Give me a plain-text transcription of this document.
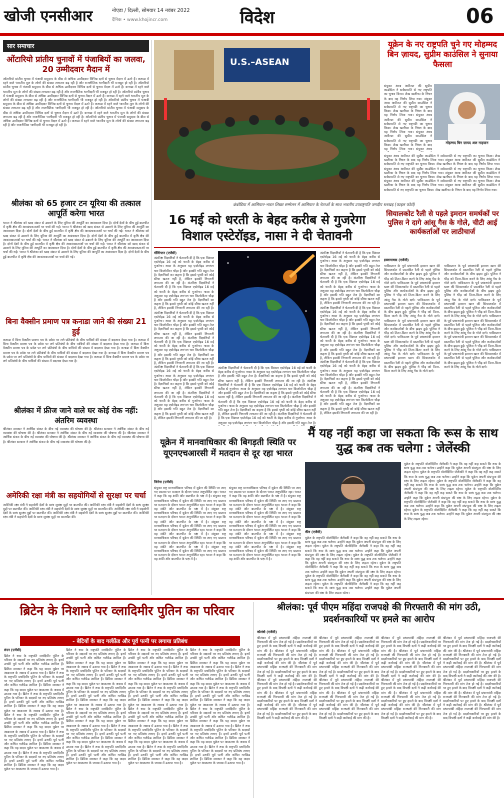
खोजी एनसीआर	नोएडा / दिल्ली, सोमवार 14 नवंबर 2022
दैनिक • www.khojincr.com	विदेश	06
सार समाचार
ओंटारियो प्रांतीय चुनावों में पंजाबियों का जलवा, 20 उम्मीदवार मैदान में
ओंटारियो प्रांतीय चुनाव में पंजाबी समुदाय के बीस से अधिक उम्मीदवार विभिन्न दलों से चुनाव मैदान में उतरे हैं। कनाडा में रहने वाले भारतीय मूल के लोगों की संख्या लगातार बढ़ रही है और राजनीतिक भागीदारी भी मजबूत हो रही है। ओंटारियो प्रांतीय चुनाव में पंजाबी समुदाय के बीस से अधिक उम्मीदवार विभिन्न दलों से चुनाव मैदान में उतरे हैं। कनाडा में रहने वाले भारतीय मूल के लोगों की संख्या लगातार बढ़ रही है और राजनीतिक भागीदारी भी मजबूत हो रही है। ओंटारियो प्रांतीय चुनाव में पंजाबी समुदाय के बीस से अधिक उम्मीदवार विभिन्न दलों से चुनाव मैदान में उतरे हैं। कनाडा में रहने वाले भारतीय मूल के लोगों की संख्या लगातार बढ़ रही है और राजनीतिक भागीदारी भी मजबूत हो रही है। ओंटारियो प्रांतीय चुनाव में पंजाबी समुदाय के बीस से अधिक उम्मीदवार विभिन्न दलों से चुनाव मैदान में उतरे हैं। कनाडा में रहने वाले भारतीय मूल के लोगों की संख्या लगातार बढ़ रही है और राजनीतिक भागीदारी भी मजबूत हो रही है। ओंटारियो प्रांतीय चुनाव में पंजाबी समुदाय के बीस से अधिक उम्मीदवार विभिन्न दलों से चुनाव मैदान में उतरे हैं। कनाडा में रहने वाले भारतीय मूल के लोगों की संख्या लगातार बढ़ रही है और राजनीतिक भागीदारी भी मजबूत हो रही है। ओंटारियो प्रांतीय चुनाव में पंजाबी समुदाय के बीस से अधिक उम्मीदवार विभिन्न दलों से चुनाव मैदान में उतरे हैं। कनाडा में रहने वाले भारतीय मूल के लोगों की संख्या लगातार बढ़ रही है और राजनीतिक भागीदारी भी मजबूत हो रही है।
श्रीलंका को 65 हजार टन यूरिया की तत्काल आपूर्ति करेगा भारत
भारत ने श्रीलंका को खाद संकट से उबारने के लिए यूरिया की आपूर्ति का आश्वासन दिया है। दोनों देशों के बीच हुई बातचीत में कृषि क्षेत्र की आवश्यकताओं पर चर्चा की गई। भारत ने श्रीलंका को खाद संकट से उबारने के लिए यूरिया की आपूर्ति का आश्वासन दिया है। दोनों देशों के बीच हुई बातचीत में कृषि क्षेत्र की आवश्यकताओं पर चर्चा की गई। भारत ने श्रीलंका को खाद संकट से उबारने के लिए यूरिया की आपूर्ति का आश्वासन दिया है। दोनों देशों के बीच हुई बातचीत में कृषि क्षेत्र की आवश्यकताओं पर चर्चा की गई। भारत ने श्रीलंका को खाद संकट से उबारने के लिए यूरिया की आपूर्ति का आश्वासन दिया है। दोनों देशों के बीच हुई बातचीत में कृषि क्षेत्र की आवश्यकताओं पर चर्चा की गई। भारत ने श्रीलंका को खाद संकट से उबारने के लिए यूरिया की आपूर्ति का आश्वासन दिया है। दोनों देशों के बीच हुई बातचीत में कृषि क्षेत्र की आवश्यकताओं पर चर्चा की गई। भारत ने श्रीलंका को खाद संकट से उबारने के लिए यूरिया की आपूर्ति का आश्वासन दिया है। दोनों देशों के बीच हुई बातचीत में कृषि क्षेत्र की आवश्यकताओं पर चर्चा की गई।
बिना वैक्सीन प्रमाण पत्र कनाडा जाने की संख्या 21 हुई
कनाडा में बिना वैक्सीन प्रमाण पत्र के प्रवेश पर लगे प्रतिबंधों के बीच यात्रियों की संख्या में बदलाव देखा गया है। कनाडा में बिना वैक्सीन प्रमाण पत्र के प्रवेश पर लगे प्रतिबंधों के बीच यात्रियों की संख्या में बदलाव देखा गया है। कनाडा में बिना वैक्सीन प्रमाण पत्र के प्रवेश पर लगे प्रतिबंधों के बीच यात्रियों की संख्या में बदलाव देखा गया है। कनाडा में बिना वैक्सीन प्रमाण पत्र के प्रवेश पर लगे प्रतिबंधों के बीच यात्रियों की संख्या में बदलाव देखा गया है। कनाडा में बिना वैक्सीन प्रमाण पत्र के प्रवेश पर लगे प्रतिबंधों के बीच यात्रियों की संख्या में बदलाव देखा गया है। कनाडा में बिना वैक्सीन प्रमाण पत्र के प्रवेश पर लगे प्रतिबंधों के बीच यात्रियों की संख्या में बदलाव देखा गया है।
श्रीलंका में फ्रीज जाने वाले घर कोई रोक नहीं: अंतरिम व्यवस्था
श्रीलंका सरकार ने आर्थिक संकट के बीच नई व्यवस्था की घोषणा की है। श्रीलंका सरकार ने आर्थिक संकट के बीच नई व्यवस्था की घोषणा की है। श्रीलंका सरकार ने आर्थिक संकट के बीच नई व्यवस्था की घोषणा की है। श्रीलंका सरकार ने आर्थिक संकट के बीच नई व्यवस्था की घोषणा की है। श्रीलंका सरकार ने आर्थिक संकट के बीच नई व्यवस्था की घोषणा की है। श्रीलंका सरकार ने आर्थिक संकट के बीच नई व्यवस्था की घोषणा की है।
अमेरिकी रक्षा मंत्री का सहयोगियों से सुरक्षा पर चर्चा
अमेरिकी रक्षा मंत्री ने सहयोगी देशों के साथ सुरक्षा मुद्दों पर बातचीत की। अमेरिकी रक्षा मंत्री ने सहयोगी देशों के साथ सुरक्षा मुद्दों पर बातचीत की। अमेरिकी रक्षा मंत्री ने सहयोगी देशों के साथ सुरक्षा मुद्दों पर बातचीत की। अमेरिकी रक्षा मंत्री ने सहयोगी देशों के साथ सुरक्षा मुद्दों पर बातचीत की। अमेरिकी रक्षा मंत्री ने सहयोगी देशों के साथ सुरक्षा मुद्दों पर बातचीत की। अमेरिकी रक्षा मंत्री ने सहयोगी देशों के साथ सुरक्षा मुद्दों पर बातचीत की।
U.S.–ASEAN
कंबोडिया में आसियान-भारत शिखर सम्मेलन में आसियान के नेताओं के साथ भारतीय उपराष्ट्रपति जगदीप धनखड़ (फाइल फोटो)
16 मई को धरती के बेहद करीब से गुजरेगा विशाल एस्टेरॉइड, नासा ने दी चेतावनी
वॉशिंगटन (एजेंसी)
अंतरिक्ष विज्ञानियों ने चेतावनी दी है कि एक विशाल एस्टेरॉइड 16 मई को धरती के बेहद करीब से गुजरेगा। नासा के अनुसार यह एस्टेरॉइड लगभग चार किलोमीटर चौड़ा है और इसकी गति बहुत तेज है। वैज्ञानिकों का कहना है कि इससे पृथ्वी को कोई सीधा खतरा नहीं है, लेकिन इसकी निगरानी लगातार की जा रही है। अंतरिक्ष विज्ञानियों ने चेतावनी दी है कि एक विशाल एस्टेरॉइड 16 मई को धरती के बेहद करीब से गुजरेगा। नासा के अनुसार यह एस्टेरॉइड लगभग चार किलोमीटर चौड़ा है और इसकी गति बहुत तेज है। वैज्ञानिकों का कहना है कि इससे पृथ्वी को कोई सीधा खतरा नहीं है, लेकिन इसकी निगरानी लगातार की जा रही है। अंतरिक्ष विज्ञानियों ने चेतावनी दी है कि एक विशाल एस्टेरॉइड 16 मई को धरती के बेहद करीब से गुजरेगा। नासा के अनुसार यह एस्टेरॉइड लगभग चार किलोमीटर चौड़ा है और इसकी गति बहुत तेज है। वैज्ञानिकों का कहना है कि इससे पृथ्वी को कोई सीधा खतरा नहीं है, लेकिन इसकी निगरानी लगातार की जा रही है। अंतरिक्ष विज्ञानियों ने चेतावनी दी है कि एक विशाल एस्टेरॉइड 16 मई को धरती के बेहद करीब से गुजरेगा। नासा के अनुसार यह एस्टेरॉइड लगभग चार किलोमीटर चौड़ा है और इसकी गति बहुत तेज है। वैज्ञानिकों का कहना है कि इससे पृथ्वी को कोई सीधा खतरा नहीं है, लेकिन इसकी निगरानी लगातार की जा रही है। अंतरिक्ष विज्ञानियों ने चेतावनी दी है कि एक विशाल एस्टेरॉइड 16 मई को धरती के बेहद करीब से गुजरेगा। नासा के अनुसार यह एस्टेरॉइड लगभग चार किलोमीटर चौड़ा है और इसकी गति बहुत तेज है। वैज्ञानिकों का कहना है कि इससे पृथ्वी को कोई सीधा खतरा नहीं है, लेकिन इसकी निगरानी लगातार की जा रही है। अंतरिक्ष विज्ञानियों ने चेतावनी दी है कि एक विशाल एस्टेरॉइड 16 मई को धरती के बेहद करीब से गुजरेगा। नासा के अनुसार यह एस्टेरॉइड लगभग चार किलोमीटर चौड़ा है और इसकी गति बहुत तेज है। वैज्ञानिकों का कहना है कि इससे पृथ्वी को कोई सीधा खतरा नहीं है, लेकिन इसकी निगरानी लगातार की जा रही है।
अंतरिक्ष विज्ञानियों ने चेतावनी दी है कि एक विशाल एस्टेरॉइड 16 मई को धरती के बेहद करीब से गुजरेगा। नासा के अनुसार यह एस्टेरॉइड लगभग चार किलोमीटर चौड़ा है और इसकी गति बहुत तेज है। वैज्ञानिकों का कहना है कि इससे पृथ्वी को कोई सीधा खतरा नहीं है, लेकिन इसकी निगरानी लगातार की जा रही है। अंतरिक्ष विज्ञानियों ने चेतावनी दी है कि एक विशाल एस्टेरॉइड 16 मई को धरती के बेहद करीब से गुजरेगा। नासा के अनुसार यह एस्टेरॉइड लगभग चार किलोमीटर चौड़ा है और इसकी गति बहुत तेज है। वैज्ञानिकों का कहना है कि इससे पृथ्वी को कोई सीधा खतरा नहीं है, लेकिन इसकी निगरानी लगातार की जा रही है। अंतरिक्ष विज्ञानियों ने चेतावनी दी है कि एक विशाल एस्टेरॉइड 16 मई को धरती के बेहद करीब से गुजरेगा। नासा के अनुसार यह एस्टेरॉइड लगभग चार किलोमीटर चौड़ा है और इसकी गति बहुत तेज है। वैज्ञानिकों का कहना है कि इससे पृथ्वी को कोई सीधा खतरा नहीं है, लेकिन इसकी निगरानी लगातार की जा रही है। अंतरिक्ष विज्ञानियों ने चेतावनी दी है कि एक विशाल एस्टेरॉइड 16 मई को धरती के बेहद करीब से गुजरेगा। नासा के अनुसार यह एस्टेरॉइड लगभग चार किलोमीटर चौड़ा है और इसकी गति बहुत तेज है। वैज्ञानिकों का कहना है कि इससे पृथ्वी को कोई सीधा खतरा नहीं है, लेकिन इसकी निगरानी लगातार की जा रही है। अंतरिक्ष विज्ञानियों ने चेतावनी दी है कि एक विशाल एस्टेरॉइड 16 मई को धरती के बेहद करीब से गुजरेगा। नासा के अनुसार यह एस्टेरॉइड लगभग चार किलोमीटर चौड़ा है और इसकी गति बहुत तेज है। वैज्ञानिकों का कहना है कि इससे पृथ्वी को कोई सीधा खतरा नहीं है, लेकिन इसकी निगरानी लगातार की जा रही है। अंतरिक्ष विज्ञानियों ने चेतावनी दी है कि एक विशाल एस्टेरॉइड 16 मई को धरती के बेहद करीब से गुजरेगा। नासा के अनुसार यह एस्टेरॉइड लगभग चार किलोमीटर चौड़ा है और इसकी गति बहुत तेज है। वैज्ञानिकों का कहना है कि इससे पृथ्वी को कोई सीधा खतरा नहीं है, लेकिन इसकी निगरानी लगातार की जा रही है।
अंतरिक्ष विज्ञानियों ने चेतावनी दी है कि एक विशाल एस्टेरॉइड 16 मई को धरती के बेहद करीब से गुजरेगा। नासा के अनुसार यह एस्टेरॉइड लगभग चार किलोमीटर चौड़ा है और इसकी गति बहुत तेज है। वैज्ञानिकों का कहना है कि इससे पृथ्वी को कोई सीधा खतरा नहीं है, लेकिन इसकी निगरानी लगातार की जा रही है। अंतरिक्ष विज्ञानियों ने चेतावनी दी है कि एक विशाल एस्टेरॉइड 16 मई को धरती के बेहद करीब से गुजरेगा। नासा के अनुसार यह एस्टेरॉइड लगभग चार किलोमीटर चौड़ा है और इसकी गति बहुत तेज है। वैज्ञानिकों का कहना है कि इससे पृथ्वी को कोई सीधा खतरा नहीं है, लेकिन इसकी निगरानी लगातार की जा रही है। अंतरिक्ष विज्ञानियों ने चेतावनी दी है कि एक विशाल एस्टेरॉइड 16 मई को धरती के बेहद करीब से गुजरेगा। नासा के अनुसार यह एस्टेरॉइड लगभग चार किलोमीटर चौड़ा है और इसकी गति बहुत तेज है। वैज्ञानिकों का कहना है कि इससे पृथ्वी को कोई सीधा खतरा नहीं है, लेकिन इसकी निगरानी लगातार की जा रही है। अंतरिक्ष विज्ञानियों ने चेतावनी दी है कि एक विशाल एस्टेरॉइड 16 मई को धरती के बेहद करीब से गुजरेगा। नासा के अनुसार यह एस्टेरॉइड लगभग चार किलोमीटर चौड़ा है और इसकी गति बहुत तेज है।
यूक्रेन में मानवाधिकार की बिगड़ती स्थिति पर यूएनएचआरसी में मतदान से दूर रहा भारत
जिनेवा (एजेंसी)
संयुक्त राष्ट्र मानवाधिकार परिषद में यूक्रेन की स्थिति पर लाए गए प्रस्ताव पर मतदान के दौरान भारत अनुपस्थित रहा। भारत ने कहा कि वह शांति और बातचीत के पक्ष में है। संयुक्त राष्ट्र मानवाधिकार परिषद में यूक्रेन की स्थिति पर लाए गए प्रस्ताव पर मतदान के दौरान भारत अनुपस्थित रहा। भारत ने कहा कि वह शांति और बातचीत के पक्ष में है। संयुक्त राष्ट्र मानवाधिकार परिषद में यूक्रेन की स्थिति पर लाए गए प्रस्ताव पर मतदान के दौरान भारत अनुपस्थित रहा। भारत ने कहा कि वह शांति और बातचीत के पक्ष में है। संयुक्त राष्ट्र मानवाधिकार परिषद में यूक्रेन की स्थिति पर लाए गए प्रस्ताव पर मतदान के दौरान भारत अनुपस्थित रहा। भारत ने कहा कि वह शांति और बातचीत के पक्ष में है। संयुक्त राष्ट्र मानवाधिकार परिषद में यूक्रेन की स्थिति पर लाए गए प्रस्ताव पर मतदान के दौरान भारत अनुपस्थित रहा। भारत ने कहा कि वह शांति और बातचीत के पक्ष में है। संयुक्त राष्ट्र मानवाधिकार परिषद में यूक्रेन की स्थिति पर लाए गए प्रस्ताव पर मतदान के दौरान भारत अनुपस्थित रहा। भारत ने कहा कि वह शांति और बातचीत के पक्ष में है।
संयुक्त राष्ट्र मानवाधिकार परिषद में यूक्रेन की स्थिति पर लाए गए प्रस्ताव पर मतदान के दौरान भारत अनुपस्थित रहा। भारत ने कहा कि वह शांति और बातचीत के पक्ष में है। संयुक्त राष्ट्र मानवाधिकार परिषद में यूक्रेन की स्थिति पर लाए गए प्रस्ताव पर मतदान के दौरान भारत अनुपस्थित रहा। भारत ने कहा कि वह शांति और बातचीत के पक्ष में है। संयुक्त राष्ट्र मानवाधिकार परिषद में यूक्रेन की स्थिति पर लाए गए प्रस्ताव पर मतदान के दौरान भारत अनुपस्थित रहा। भारत ने कहा कि वह शांति और बातचीत के पक्ष में है। संयुक्त राष्ट्र मानवाधिकार परिषद में यूक्रेन की स्थिति पर लाए गए प्रस्ताव पर मतदान के दौरान भारत अनुपस्थित रहा। भारत ने कहा कि वह शांति और बातचीत के पक्ष में है। संयुक्त राष्ट्र मानवाधिकार परिषद में यूक्रेन की स्थिति पर लाए गए प्रस्ताव पर मतदान के दौरान भारत अनुपस्थित रहा। भारत ने कहा कि वह शांति और बातचीत के पक्ष में है। संयुक्त राष्ट्र मानवाधिकार परिषद में यूक्रेन की स्थिति पर लाए गए प्रस्ताव पर मतदान के दौरान भारत अनुपस्थित रहा। भारत ने कहा कि वह शांति और बातचीत के पक्ष में है।
यूक्रेन के नए राष्ट्रपति चुने गए मोहम्मद बिन ज़ायद, सुप्रीम काउंसिल ने सुनाया फैसला
मोहम्मद बिन ज़ायद अल नाहयान
संयुक्त अरब अमीरात की सुप्रीम काउंसिल ने सर्वसम्मति से नए राष्ट्रपति का चुनाव किया। शेख खलीफा के निधन के बाद यह निर्णय लिया गया। संयुक्त अरब अमीरात की सुप्रीम काउंसिल ने सर्वसम्मति से नए राष्ट्रपति का चुनाव किया। शेख खलीफा के निधन के बाद यह निर्णय लिया गया। संयुक्त अरब अमीरात की सुप्रीम काउंसिल ने सर्वसम्मति से नए राष्ट्रपति का चुनाव किया। शेख खलीफा के निधन के बाद यह निर्णय लिया गया। संयुक्त अरब अमीरात की सुप्रीम काउंसिल ने सर्वसम्मति से नए राष्ट्रपति का चुनाव किया। शेख खलीफा के निधन के बाद यह निर्णय लिया गया। संयुक्त अरब
संयुक्त अरब अमीरात की सुप्रीम काउंसिल ने सर्वसम्मति से नए राष्ट्रपति का चुनाव किया। शेख खलीफा के निधन के बाद यह निर्णय लिया गया। संयुक्त अरब अमीरात की सुप्रीम काउंसिल ने सर्वसम्मति से नए राष्ट्रपति का चुनाव किया। शेख खलीफा के निधन के बाद यह निर्णय लिया गया। संयुक्त अरब अमीरात की सुप्रीम काउंसिल ने सर्वसम्मति से नए राष्ट्रपति का चुनाव किया। शेख खलीफा के निधन के बाद यह निर्णय लिया गया। संयुक्त अरब अमीरात की सुप्रीम काउंसिल ने सर्वसम्मति से नए राष्ट्रपति का चुनाव किया। शेख खलीफा के निधन के बाद यह निर्णय लिया गया। संयुक्त अरब अमीरात की सुप्रीम काउंसिल ने सर्वसम्मति से नए राष्ट्रपति का चुनाव किया। शेख खलीफा के निधन के बाद यह निर्णय लिया गया। संयुक्त अरब अमीरात की सुप्रीम काउंसिल ने सर्वसम्मति से नए राष्ट्रपति का चुनाव किया। शेख खलीफा के निधन के बाद यह निर्णय लिया गया।
सियालकोट रैली से पहले इमरान समर्थकों पर पुलिस ने दागे आंसू गैस के गोले, चीटी आई कार्यकर्ताओं पर लाठीचार्ज
इस्लामाबाद (एजेंसी)
पाकिस्तान के पूर्व प्रधानमंत्री इमरान खान की सियालकोट में प्रस्तावित रैली से पहले पुलिस और कार्यकर्ताओं के बीच झड़प हुई। पुलिस ने भीड़ को तितर-बितर करने के लिए आंसू गैस के गोले दागे। पाकिस्तान के पूर्व प्रधानमंत्री इमरान खान की सियालकोट में प्रस्तावित रैली से पहले पुलिस और कार्यकर्ताओं के बीच झड़प हुई। पुलिस ने भीड़ को तितर-बितर करने के लिए आंसू गैस के गोले दागे। पाकिस्तान के पूर्व प्रधानमंत्री इमरान खान की सियालकोट में प्रस्तावित रैली से पहले पुलिस और कार्यकर्ताओं के बीच झड़प हुई। पुलिस ने भीड़ को तितर-बितर करने के लिए आंसू गैस के गोले दागे। पाकिस्तान के पूर्व प्रधानमंत्री इमरान खान की सियालकोट में प्रस्तावित रैली से पहले पुलिस और कार्यकर्ताओं के बीच झड़प हुई। पुलिस ने भीड़ को तितर-बितर करने के लिए आंसू गैस के गोले दागे। पाकिस्तान के पूर्व प्रधानमंत्री इमरान खान की सियालकोट में प्रस्तावित रैली से पहले पुलिस और कार्यकर्ताओं के बीच झड़प हुई। पुलिस ने भीड़ को तितर-बितर करने के लिए आंसू गैस के गोले दागे। पाकिस्तान के पूर्व प्रधानमंत्री इमरान खान की सियालकोट में प्रस्तावित रैली से पहले पुलिस और कार्यकर्ताओं के बीच झड़प हुई। पुलिस ने भीड़ को तितर-बितर करने के लिए आंसू गैस के गोले दागे।
पाकिस्तान के पूर्व प्रधानमंत्री इमरान खान की सियालकोट में प्रस्तावित रैली से पहले पुलिस और कार्यकर्ताओं के बीच झड़प हुई। पुलिस ने भीड़ को तितर-बितर करने के लिए आंसू गैस के गोले दागे। पाकिस्तान के पूर्व प्रधानमंत्री इमरान खान की सियालकोट में प्रस्तावित रैली से पहले पुलिस और कार्यकर्ताओं के बीच झड़प हुई। पुलिस ने भीड़ को तितर-बितर करने के लिए आंसू गैस के गोले दागे। पाकिस्तान के पूर्व प्रधानमंत्री इमरान खान की सियालकोट में प्रस्तावित रैली से पहले पुलिस और कार्यकर्ताओं के बीच झड़प हुई। पुलिस ने भीड़ को तितर-बितर करने के लिए आंसू गैस के गोले दागे। पाकिस्तान के पूर्व प्रधानमंत्री इमरान खान की सियालकोट में प्रस्तावित रैली से पहले पुलिस और कार्यकर्ताओं के बीच झड़प हुई। पुलिस ने भीड़ को तितर-बितर करने के लिए आंसू गैस के गोले दागे। पाकिस्तान के पूर्व प्रधानमंत्री इमरान खान की सियालकोट में प्रस्तावित रैली से पहले पुलिस और कार्यकर्ताओं के बीच झड़प हुई। पुलिस ने भीड़ को तितर-बितर करने के लिए आंसू गैस के गोले दागे। पाकिस्तान के पूर्व प्रधानमंत्री इमरान खान की सियालकोट में प्रस्तावित रैली से पहले पुलिस और कार्यकर्ताओं के बीच झड़प हुई। पुलिस ने भीड़ को तितर-बितर करने के लिए आंसू गैस के गोले दागे।
मैं यह नहीं कहा जा सकता कि रूस के साथ युद्ध कब तक चलेगा : जेलेंस्की
कीव (एजेंसी)
यूक्रेन के राष्ट्रपति वोलोदिमिर जेलेंस्की ने कहा कि वह नहीं कह सकते कि रूस के साथ युद्ध कब तक चलेगा। उन्होंने कहा कि यूक्रेन अपनी संप्रभुता की रक्षा के लिए लड़ता रहेगा। यूक्रेन के राष्ट्रपति वोलोदिमिर जेलेंस्की ने कहा कि वह नहीं कह सकते कि रूस के साथ युद्ध कब तक चलेगा। उन्होंने कहा कि यूक्रेन अपनी संप्रभुता की रक्षा के लिए लड़ता रहेगा। यूक्रेन के राष्ट्रपति वोलोदिमिर जेलेंस्की ने कहा कि वह नहीं कह सकते कि रूस के साथ युद्ध कब तक चलेगा। उन्होंने कहा कि यूक्रेन अपनी संप्रभुता की रक्षा के लिए लड़ता रहेगा। यूक्रेन के राष्ट्रपति वोलोदिमिर जेलेंस्की ने कहा कि वह नहीं कह सकते कि रूस के साथ युद्ध कब तक चलेगा। उन्होंने कहा कि यूक्रेन अपनी संप्रभुता की रक्षा के लिए लड़ता रहेगा। यूक्रेन के राष्ट्रपति वोलोदिमिर जेलेंस्की ने कहा कि वह नहीं कह सकते कि रूस के साथ युद्ध कब तक चलेगा। उन्होंने कहा कि यूक्रेन अपनी संप्रभुता की रक्षा के लिए लड़ता रहेगा। यूक्रेन के राष्ट्रपति वोलोदिमिर जेलेंस्की ने कहा कि वह नहीं कह सकते कि रूस के साथ युद्ध कब तक चलेगा। उन्होंने कहा कि यूक्रेन अपनी संप्रभुता की रक्षा के लिए लड़ता रहेगा।
यूक्रेन के राष्ट्रपति वोलोदिमिर जेलेंस्की ने कहा कि वह नहीं कह सकते कि रूस के साथ युद्ध कब तक चलेगा। उन्होंने कहा कि यूक्रेन अपनी संप्रभुता की रक्षा के लिए लड़ता रहेगा। यूक्रेन के राष्ट्रपति वोलोदिमिर जेलेंस्की ने कहा कि वह नहीं कह सकते कि रूस के साथ युद्ध कब तक चलेगा। उन्होंने कहा कि यूक्रेन अपनी संप्रभुता की रक्षा के लिए लड़ता रहेगा। यूक्रेन के राष्ट्रपति वोलोदिमिर जेलेंस्की ने कहा कि वह नहीं कह सकते कि रूस के साथ युद्ध कब तक चलेगा। उन्होंने कहा कि यूक्रेन अपनी संप्रभुता की रक्षा के लिए लड़ता रहेगा। यूक्रेन के राष्ट्रपति वोलोदिमिर जेलेंस्की ने कहा कि वह नहीं कह सकते कि रूस के साथ युद्ध कब तक चलेगा। उन्होंने कहा कि यूक्रेन अपनी संप्रभुता की रक्षा के लिए लड़ता रहेगा। यूक्रेन के राष्ट्रपति वोलोदिमिर जेलेंस्की ने कहा कि वह नहीं कह सकते कि रूस के साथ युद्ध कब तक चलेगा। उन्होंने कहा कि यूक्रेन अपनी संप्रभुता की रक्षा के लिए लड़ता रहेगा। यूक्रेन के राष्ट्रपति वोलोदिमिर जेलेंस्की ने कहा कि वह नहीं कह सकते कि रूस के साथ युद्ध कब तक चलेगा। उन्होंने कहा कि यूक्रेन अपनी संप्रभुता की रक्षा के लिए लड़ता रहेगा।
ब्रिटेन के निशाने पर व्लादिमीर पुतिन का परिवार
- बेटियों के बाद गर्लफ्रेंड और पूर्व पत्नी पर लगाया प्रतिबंध
लंदन (एजेंसी)
ब्रिटेन ने रूस के राष्ट्रपति व्लादिमीर पुतिन के परिवार के सदस्यों पर नए प्रतिबंध लगाए हैं। इनमें उनकी पूर्व पत्नी और कथित गर्लफ्रेंड शामिल हैं। ब्रिटिश सरकार ने कहा कि यह कदम यूक्रेन पर आक्रमण के जवाब में उठाया गया है। ब्रिटेन ने रूस के राष्ट्रपति व्लादिमीर पुतिन के परिवार के सदस्यों पर नए प्रतिबंध लगाए हैं। इनमें उनकी पूर्व पत्नी और कथित गर्लफ्रेंड शामिल हैं। ब्रिटिश सरकार ने कहा कि यह कदम यूक्रेन पर आक्रमण के जवाब में उठाया गया है। ब्रिटेन ने रूस के राष्ट्रपति व्लादिमीर पुतिन के परिवार के सदस्यों पर नए प्रतिबंध लगाए हैं। इनमें उनकी पूर्व पत्नी और कथित गर्लफ्रेंड शामिल हैं। ब्रिटिश सरकार ने कहा कि यह कदम यूक्रेन पर आक्रमण के जवाब में उठाया गया है। ब्रिटेन ने रूस के राष्ट्रपति व्लादिमीर पुतिन के परिवार के सदस्यों पर नए प्रतिबंध लगाए हैं। इनमें उनकी पूर्व पत्नी और कथित गर्लफ्रेंड शामिल हैं। ब्रिटिश सरकार ने कहा कि यह कदम यूक्रेन पर आक्रमण के जवाब में उठाया गया है। ब्रिटेन ने रूस के राष्ट्रपति व्लादिमीर पुतिन के परिवार के सदस्यों पर नए प्रतिबंध लगाए हैं। इनमें उनकी पूर्व पत्नी और कथित गर्लफ्रेंड शामिल हैं। ब्रिटिश सरकार ने कहा कि यह कदम यूक्रेन पर आक्रमण के जवाब में उठाया गया है। ब्रिटेन ने रूस के राष्ट्रपति व्लादिमीर पुतिन के परिवार के सदस्यों पर नए प्रतिबंध लगाए हैं। इनमें उनकी पूर्व पत्नी और कथित गर्लफ्रेंड शामिल हैं। ब्रिटिश सरकार ने कहा कि यह कदम यूक्रेन पर आक्रमण के जवाब में उठाया गया है।
ब्रिटेन ने रूस के राष्ट्रपति व्लादिमीर पुतिन के परिवार के सदस्यों पर नए प्रतिबंध लगाए हैं। इनमें उनकी पूर्व पत्नी और कथित गर्लफ्रेंड शामिल हैं। ब्रिटिश सरकार ने कहा कि यह कदम यूक्रेन पर आक्रमण के जवाब में उठाया गया है। ब्रिटेन ने रूस के राष्ट्रपति व्लादिमीर पुतिन के परिवार के सदस्यों पर नए प्रतिबंध लगाए हैं। इनमें उनकी पूर्व पत्नी और कथित गर्लफ्रेंड शामिल हैं। ब्रिटिश सरकार ने कहा कि यह कदम यूक्रेन पर आक्रमण के जवाब में उठाया गया है। ब्रिटेन ने रूस के राष्ट्रपति व्लादिमीर पुतिन के परिवार के सदस्यों पर नए प्रतिबंध लगाए हैं। इनमें उनकी पूर्व पत्नी और कथित गर्लफ्रेंड शामिल हैं। ब्रिटिश सरकार ने कहा कि यह कदम यूक्रेन पर आक्रमण के जवाब में उठाया गया है। ब्रिटेन ने रूस के राष्ट्रपति व्लादिमीर पुतिन के परिवार के सदस्यों पर नए प्रतिबंध लगाए हैं। इनमें उनकी पूर्व पत्नी और कथित गर्लफ्रेंड शामिल हैं। ब्रिटिश सरकार ने कहा कि यह कदम यूक्रेन पर आक्रमण के जवाब में उठाया गया है। ब्रिटेन ने रूस के राष्ट्रपति व्लादिमीर पुतिन के परिवार के सदस्यों पर नए प्रतिबंध लगाए हैं। इनमें उनकी पूर्व पत्नी और कथित गर्लफ्रेंड शामिल हैं। ब्रिटिश सरकार ने कहा कि यह कदम यूक्रेन पर आक्रमण के जवाब में उठाया गया है। ब्रिटेन ने रूस के राष्ट्रपति व्लादिमीर पुतिन के परिवार के सदस्यों पर नए प्रतिबंध लगाए हैं। इनमें उनकी पूर्व पत्नी और कथित गर्लफ्रेंड शामिल हैं। ब्रिटिश सरकार ने कहा कि यह कदम यूक्रेन पर आक्रमण के जवाब में उठाया गया है।
ब्रिटेन ने रूस के राष्ट्रपति व्लादिमीर पुतिन के परिवार के सदस्यों पर नए प्रतिबंध लगाए हैं। इनमें उनकी पूर्व पत्नी और कथित गर्लफ्रेंड शामिल हैं। ब्रिटिश सरकार ने कहा कि यह कदम यूक्रेन पर आक्रमण के जवाब में उठाया गया है। ब्रिटेन ने रूस के राष्ट्रपति व्लादिमीर पुतिन के परिवार के सदस्यों पर नए प्रतिबंध लगाए हैं। इनमें उनकी पूर्व पत्नी और कथित गर्लफ्रेंड शामिल हैं। ब्रिटिश सरकार ने कहा कि यह कदम यूक्रेन पर आक्रमण के जवाब में उठाया गया है। ब्रिटेन ने रूस के राष्ट्रपति व्लादिमीर पुतिन के परिवार के सदस्यों पर नए प्रतिबंध लगाए हैं। इनमें उनकी पूर्व पत्नी और कथित गर्लफ्रेंड शामिल हैं। ब्रिटिश सरकार ने कहा कि यह कदम यूक्रेन पर आक्रमण के जवाब में उठाया गया है। ब्रिटेन ने रूस के राष्ट्रपति व्लादिमीर पुतिन के परिवार के सदस्यों पर नए प्रतिबंध लगाए हैं। इनमें उनकी पूर्व पत्नी और कथित गर्लफ्रेंड शामिल हैं। ब्रिटिश सरकार ने कहा कि यह कदम यूक्रेन पर आक्रमण के जवाब में उठाया गया है। ब्रिटेन ने रूस के राष्ट्रपति व्लादिमीर पुतिन के परिवार के सदस्यों पर नए प्रतिबंध लगाए हैं। इनमें उनकी पूर्व पत्नी और कथित गर्लफ्रेंड शामिल हैं। ब्रिटिश सरकार ने कहा कि यह कदम यूक्रेन पर आक्रमण के जवाब में उठाया गया है। ब्रिटेन ने रूस के राष्ट्रपति व्लादिमीर पुतिन के परिवार के सदस्यों पर नए प्रतिबंध लगाए हैं। इनमें उनकी पूर्व पत्नी और कथित गर्लफ्रेंड शामिल हैं। ब्रिटिश सरकार ने कहा कि यह कदम यूक्रेन पर आक्रमण के जवाब में उठाया गया है।
ब्रिटेन ने रूस के राष्ट्रपति व्लादिमीर पुतिन के परिवार के सदस्यों पर नए प्रतिबंध लगाए हैं। इनमें उनकी पूर्व पत्नी और कथित गर्लफ्रेंड शामिल हैं। ब्रिटिश सरकार ने कहा कि यह कदम यूक्रेन पर आक्रमण के जवाब में उठाया गया है। ब्रिटेन ने रूस के राष्ट्रपति व्लादिमीर पुतिन के परिवार के सदस्यों पर नए प्रतिबंध लगाए हैं। इनमें उनकी पूर्व पत्नी और कथित गर्लफ्रेंड शामिल हैं। ब्रिटिश सरकार ने कहा कि यह कदम यूक्रेन पर आक्रमण के जवाब में उठाया गया है। ब्रिटेन ने रूस के राष्ट्रपति व्लादिमीर पुतिन के परिवार के सदस्यों पर नए प्रतिबंध लगाए हैं। इनमें उनकी पूर्व पत्नी और कथित गर्लफ्रेंड शामिल हैं। ब्रिटिश सरकार ने कहा कि यह कदम यूक्रेन पर आक्रमण के जवाब में उठाया गया है। ब्रिटेन ने रूस के राष्ट्रपति व्लादिमीर पुतिन के परिवार के सदस्यों पर नए प्रतिबंध लगाए हैं। इनमें उनकी पूर्व पत्नी और कथित गर्लफ्रेंड शामिल हैं। ब्रिटिश सरकार ने कहा कि यह कदम यूक्रेन पर आक्रमण के जवाब में उठाया गया है। ब्रिटेन ने रूस के राष्ट्रपति व्लादिमीर पुतिन के परिवार के सदस्यों पर नए प्रतिबंध लगाए हैं। इनमें उनकी पूर्व पत्नी और कथित गर्लफ्रेंड शामिल हैं। ब्रिटिश सरकार ने कहा कि यह कदम यूक्रेन पर आक्रमण के जवाब में उठाया गया है। ब्रिटेन ने रूस के राष्ट्रपति व्लादिमीर पुतिन के परिवार के सदस्यों पर नए प्रतिबंध लगाए हैं। इनमें उनकी पूर्व पत्नी और कथित गर्लफ्रेंड शामिल हैं। ब्रिटिश सरकार ने कहा कि यह कदम यूक्रेन पर आक्रमण के जवाब में उठाया गया है।
श्रीलंका: पूर्व पीएम महिंदा राजपक्षे की गिरफ्तारी की मांग उठी, प्रदर्शनकारियों पर हमले का आरोप
कोलंबो (एजेंसी)
श्रीलंका में पूर्व प्रधानमंत्री महिंदा राजपक्षे की गिरफ्तारी की मांग तेज हो गई है। प्रदर्शनकारियों पर हुए हमले के बाद विपक्षी दलों ने कड़ी कार्रवाई की मांग की है। श्रीलंका में पूर्व प्रधानमंत्री महिंदा राजपक्षे की गिरफ्तारी की मांग तेज हो गई है। प्रदर्शनकारियों पर हुए हमले के बाद विपक्षी दलों ने कड़ी कार्रवाई की मांग की है। श्रीलंका में पूर्व प्रधानमंत्री महिंदा राजपक्षे की गिरफ्तारी की मांग तेज हो गई है। प्रदर्शनकारियों पर हुए हमले के बाद विपक्षी दलों ने कड़ी कार्रवाई की मांग की है। श्रीलंका में पूर्व प्रधानमंत्री महिंदा राजपक्षे की गिरफ्तारी की मांग तेज हो गई है। प्रदर्शनकारियों पर हुए हमले के बाद विपक्षी दलों ने कड़ी कार्रवाई की मांग की है। श्रीलंका में पूर्व प्रधानमंत्री महिंदा राजपक्षे की गिरफ्तारी की मांग तेज हो गई है। प्रदर्शनकारियों पर हुए हमले के बाद विपक्षी दलों ने कड़ी कार्रवाई की मांग की है। श्रीलंका में पूर्व प्रधानमंत्री महिंदा राजपक्षे की गिरफ्तारी की मांग तेज हो गई है। प्रदर्शनकारियों पर हुए हमले के बाद विपक्षी दलों ने कड़ी कार्रवाई की मांग की है।
श्रीलंका में पूर्व प्रधानमंत्री महिंदा राजपक्षे की गिरफ्तारी की मांग तेज हो गई है। प्रदर्शनकारियों पर हुए हमले के बाद विपक्षी दलों ने कड़ी कार्रवाई की मांग की है। श्रीलंका में पूर्व प्रधानमंत्री महिंदा राजपक्षे की गिरफ्तारी की मांग तेज हो गई है। प्रदर्शनकारियों पर हुए हमले के बाद विपक्षी दलों ने कड़ी कार्रवाई की मांग की है। श्रीलंका में पूर्व प्रधानमंत्री महिंदा राजपक्षे की गिरफ्तारी की मांग तेज हो गई है। प्रदर्शनकारियों पर हुए हमले के बाद विपक्षी दलों ने कड़ी कार्रवाई की मांग की है। श्रीलंका में पूर्व प्रधानमंत्री महिंदा राजपक्षे की गिरफ्तारी की मांग तेज हो गई है। प्रदर्शनकारियों पर हुए हमले के बाद विपक्षी दलों ने कड़ी कार्रवाई की मांग की है। श्रीलंका में पूर्व प्रधानमंत्री महिंदा राजपक्षे की गिरफ्तारी की मांग तेज हो गई है। प्रदर्शनकारियों पर हुए हमले के बाद विपक्षी दलों ने कड़ी कार्रवाई की मांग की है। श्रीलंका में पूर्व प्रधानमंत्री महिंदा राजपक्षे की गिरफ्तारी की मांग तेज हो गई है। प्रदर्शनकारियों पर हुए हमले के बाद विपक्षी दलों ने कड़ी कार्रवाई की मांग की है।
श्रीलंका में पूर्व प्रधानमंत्री महिंदा राजपक्षे की गिरफ्तारी की मांग तेज हो गई है। प्रदर्शनकारियों पर हुए हमले के बाद विपक्षी दलों ने कड़ी कार्रवाई की मांग की है। श्रीलंका में पूर्व प्रधानमंत्री महिंदा राजपक्षे की गिरफ्तारी की मांग तेज हो गई है। प्रदर्शनकारियों पर हुए हमले के बाद विपक्षी दलों ने कड़ी कार्रवाई की मांग की है। श्रीलंका में पूर्व प्रधानमंत्री महिंदा राजपक्षे की गिरफ्तारी की मांग तेज हो गई है। प्रदर्शनकारियों पर हुए हमले के बाद विपक्षी दलों ने कड़ी कार्रवाई की मांग की है। श्रीलंका में पूर्व प्रधानमंत्री महिंदा राजपक्षे की गिरफ्तारी की मांग तेज हो गई है। प्रदर्शनकारियों पर हुए हमले के बाद विपक्षी दलों ने कड़ी कार्रवाई की मांग की है। श्रीलंका में पूर्व प्रधानमंत्री महिंदा राजपक्षे की गिरफ्तारी की मांग तेज हो गई है। प्रदर्शनकारियों पर हुए हमले के बाद विपक्षी दलों ने कड़ी कार्रवाई की मांग की है। श्रीलंका में पूर्व प्रधानमंत्री महिंदा राजपक्षे की गिरफ्तारी की मांग तेज हो गई है। प्रदर्शनकारियों पर हुए हमले के बाद विपक्षी दलों ने कड़ी कार्रवाई की मांग की है।
श्रीलंका में पूर्व प्रधानमंत्री महिंदा राजपक्षे की गिरफ्तारी की मांग तेज हो गई है। प्रदर्शनकारियों पर हुए हमले के बाद विपक्षी दलों ने कड़ी कार्रवाई की मांग की है। श्रीलंका में पूर्व प्रधानमंत्री महिंदा राजपक्षे की गिरफ्तारी की मांग तेज हो गई है। प्रदर्शनकारियों पर हुए हमले के बाद विपक्षी दलों ने कड़ी कार्रवाई की मांग की है। श्रीलंका में पूर्व प्रधानमंत्री महिंदा राजपक्षे की गिरफ्तारी की मांग तेज हो गई है। प्रदर्शनकारियों पर हुए हमले के बाद विपक्षी दलों ने कड़ी कार्रवाई की मांग की है। श्रीलंका में पूर्व प्रधानमंत्री महिंदा राजपक्षे की गिरफ्तारी की मांग तेज हो गई है। प्रदर्शनकारियों पर हुए हमले के बाद विपक्षी दलों ने कड़ी कार्रवाई की मांग की है। श्रीलंका में पूर्व प्रधानमंत्री महिंदा राजपक्षे की गिरफ्तारी की मांग तेज हो गई है। प्रदर्शनकारियों पर हुए हमले के बाद विपक्षी दलों ने कड़ी कार्रवाई की मांग की है। श्रीलंका में पूर्व प्रधानमंत्री महिंदा राजपक्षे की गिरफ्तारी की मांग तेज हो गई है। प्रदर्शनकारियों पर हुए हमले के बाद विपक्षी दलों ने कड़ी कार्रवाई की मांग की है।
